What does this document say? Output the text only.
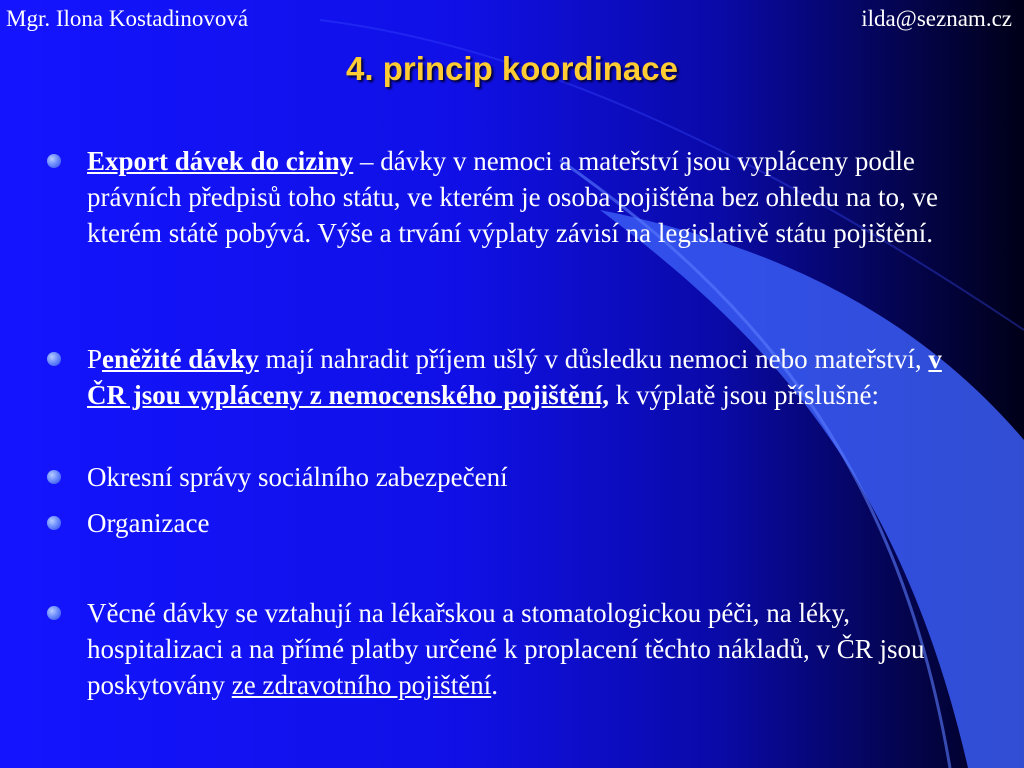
Mgr. Ilona Kostadinovová	ilda@seznam.cz
4. princip koordinace
Export dávek do ciziny – dávky v nemoci a mateřství jsou vypláceny podle právních předpisů toho státu, ve kterém je osoba pojištěna bez ohledu na to, ve kterém státě pobývá. Výše a trvání výplaty závisí na legislativě státu pojištění.
Peněžité dávky mají nahradit příjem ušlý v důsledku nemoci nebo mateřství, v ČR jsou vypláceny z nemocenského pojištění, k výplatě jsou příslušné:
Okresní správy sociálního zabezpečení
Organizace
Věcné dávky se vztahují na lékařskou a stomatologickou péči, na léky, hospitalizaci a na přímé platby určené k proplacení těchto nákladů, v ČR jsou poskytovány ze zdravotního pojištění.
